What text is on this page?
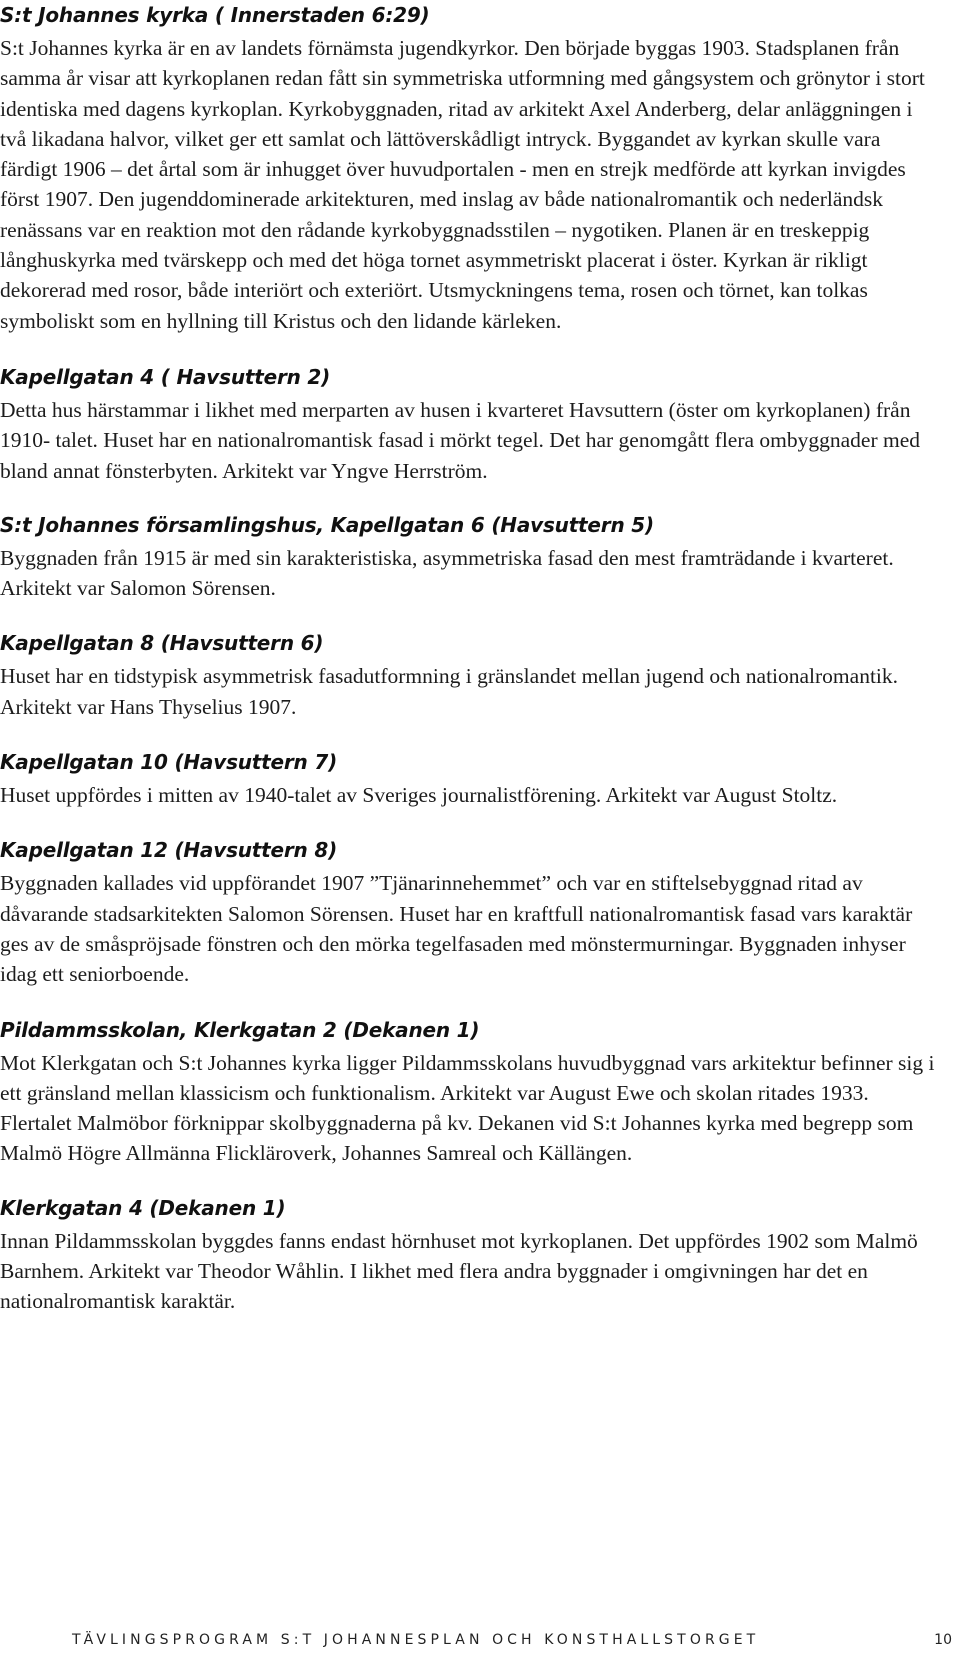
S:t Johannes kyrka ( Innerstaden 6:29)

S:t Johannes kyrka är en av landets förnämsta jugendkyrkor. Den började byggas 1903. Stadsplanen från samma år visar att kyrkoplanen redan fått sin symmetriska utformning med gångsystem och grönytor i stort identiska med dagens kyrkoplan. Kyrkobyggnaden, ritad av arkitekt Axel Anderberg, delar anläggningen i två likadana halvor, vilket ger ett samlat och lättöverskådligt intryck. Byggandet av kyrkan skulle vara färdigt 1906 – det årtal som är inhugget över huvudportalen - men en strejk medförde att kyrkan invigdes först 1907. Den jugenddominerade arkitekturen, med inslag av både nationalromantik och nederländsk renässans var en reaktion mot den rådande kyrkobyggnadsstilen – nygotiken. Planen är en treskeppig långhuskyrka med tvärskepp och med det höga tornet asymmetriskt placerat i öster. Kyrkan är rikligt dekorerad med rosor, både interiört och exteriört. Utsmyckningens tema, rosen och törnet, kan tolkas symboliskt som en hyllning till Kristus och den lidande kärleken.

Kapellgatan 4 ( Havsuttern 2)

Detta hus härstammar i likhet med merparten av husen i kvarteret Havsuttern (öster om kyrkoplanen) från 1910- talet. Huset har en nationalromantisk fasad i mörkt tegel. Det har genomgått flera ombyggnader med bland annat fönsterbyten. Arkitekt var Yngve Herrström.

S:t Johannes församlingshus, Kapellgatan 6 (Havsuttern 5)

Byggnaden från 1915 är med sin karakteristiska, asymmetriska fasad den mest framträdande i kvarteret. Arkitekt var Salomon Sörensen.

Kapellgatan 8 (Havsuttern 6)

Huset har en tidstypisk asymmetrisk fasadutformning i gränslandet mellan jugend och nationalromantik. Arkitekt var Hans Thyselius 1907.

Kapellgatan 10 (Havsuttern 7)

Huset uppfördes i mitten av 1940-talet av Sveriges journalistförening. Arkitekt var August Stoltz.

Kapellgatan 12 (Havsuttern 8)

Byggnaden kallades vid uppförandet 1907 ”Tjänarinnehemmet” och var en stiftelsebyggnad ritad av dåvarande stadsarkitekten Salomon Sörensen. Huset har en kraftfull nationalromantisk fasad vars karaktär ges av de småspröjsade fönstren och den mörka tegelfasaden med mönstermurningar. Byggnaden inhyser idag ett seniorboende.

Pildammsskolan, Klerkgatan 2 (Dekanen 1)

Mot Klerkgatan och S:t Johannes kyrka ligger Pildammsskolans huvudbyggnad vars arkitektur befinner sig i ett gränsland mellan klassicism och funktionalism. Arkitekt var August Ewe och skolan ritades 1933. Flertalet Malmöbor förknippar skolbyggnaderna på kv. Dekanen vid S:t Johannes kyrka med begrepp som Malmö Högre Allmänna Flickläroverk, Johannes Samreal och Källängen.

Klerkgatan 4 (Dekanen 1)

Innan Pildammsskolan byggdes fanns endast hörnhuset mot kyrkoplanen. Det uppfördes 1902 som Malmö Barnhem. Arkitekt var Theodor Wåhlin. I likhet med flera andra byggnader i omgivningen har det en nationalromantisk karaktär.

TÄVLINGSPROGRAM S:T JOHANNESPLAN OCH KONSTHALLSTORGET	10
